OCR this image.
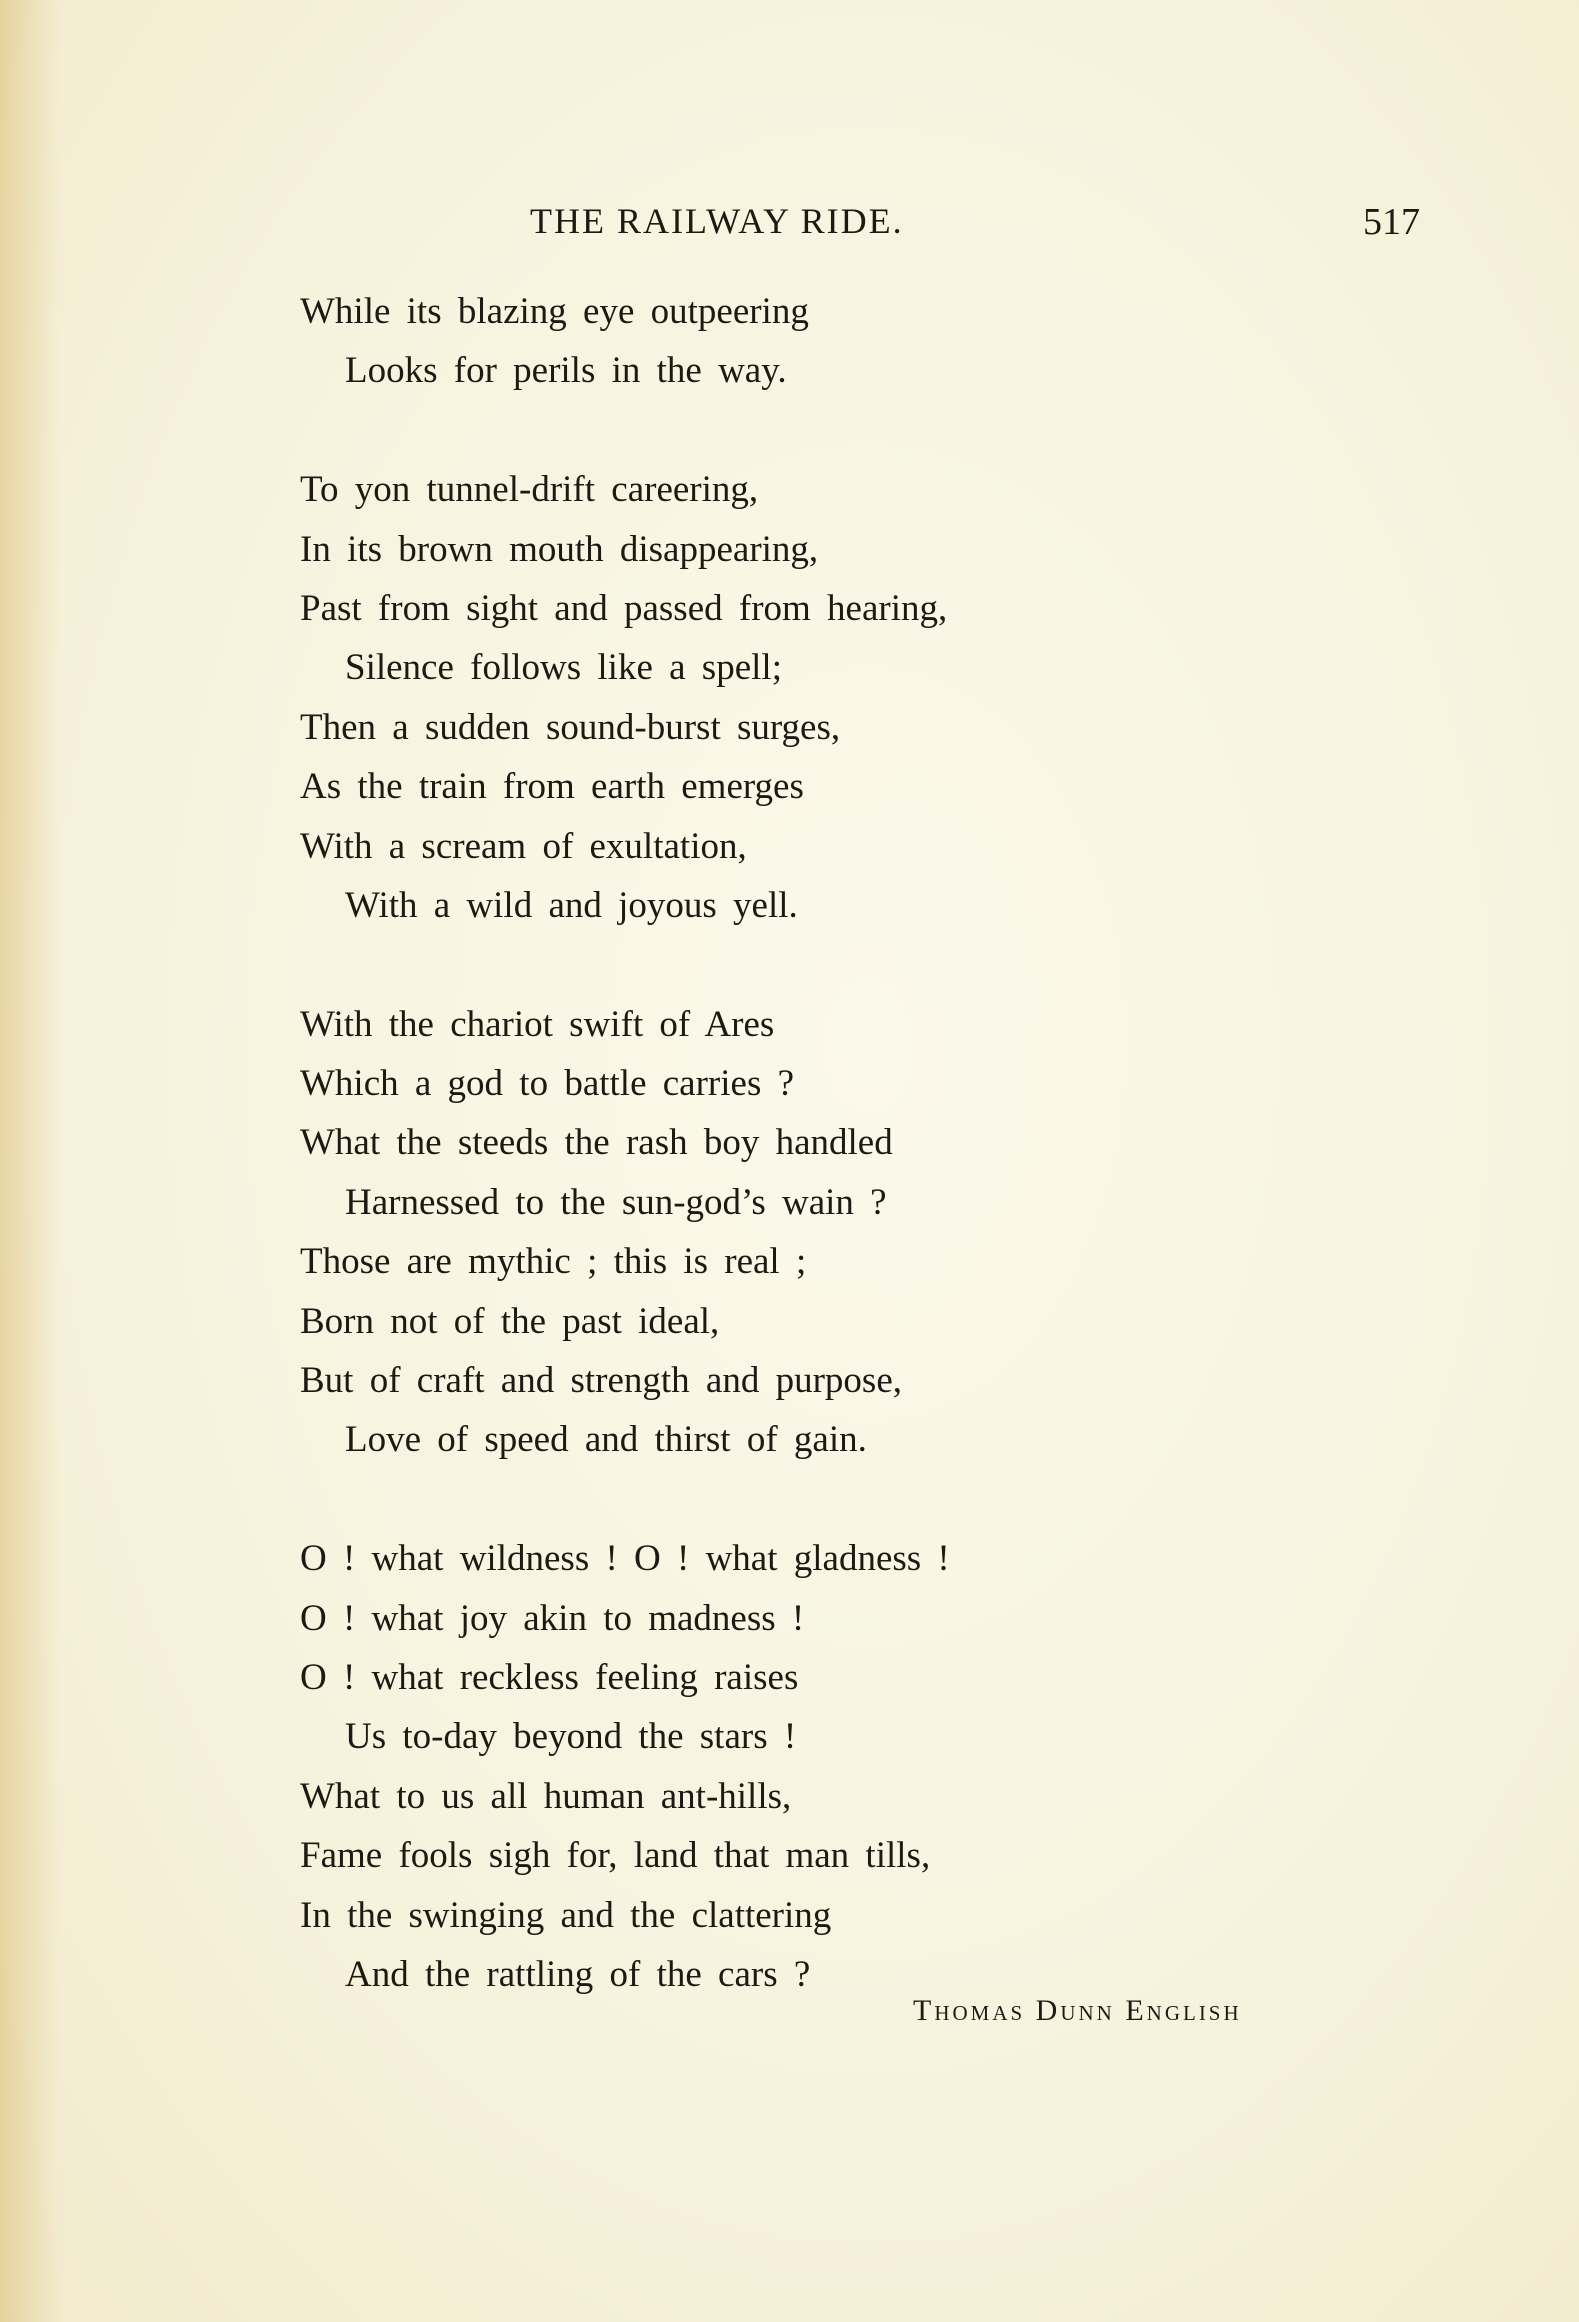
THE RAILWAY RIDE.	517
While its blazing eye outpeering
Looks for perils in the way.
To yon tunnel-drift careering,
In its brown mouth disappearing,
Past from sight and passed from hearing,
Silence follows like a spell;
Then a sudden sound-burst surges,
As the train from earth emerges
With a scream of exultation,
With a wild and joyous yell.
With the chariot swift of Ares
Which a god to battle carries ?
What the steeds the rash boy handled
Harnessed to the sun-god’s wain ?
Those are mythic ; this is real ;
Born not of the past ideal,
But of craft and strength and purpose,
Love of speed and thirst of gain.
O ! what wildness ! O ! what gladness !
O ! what joy akin to madness !
O ! what reckless feeling raises
Us to-day beyond the stars !
What to us all human ant-hills,
Fame fools sigh for, land that man tills,
In the swinging and the clattering
And the rattling of the cars ?
Thomas Dunn English
